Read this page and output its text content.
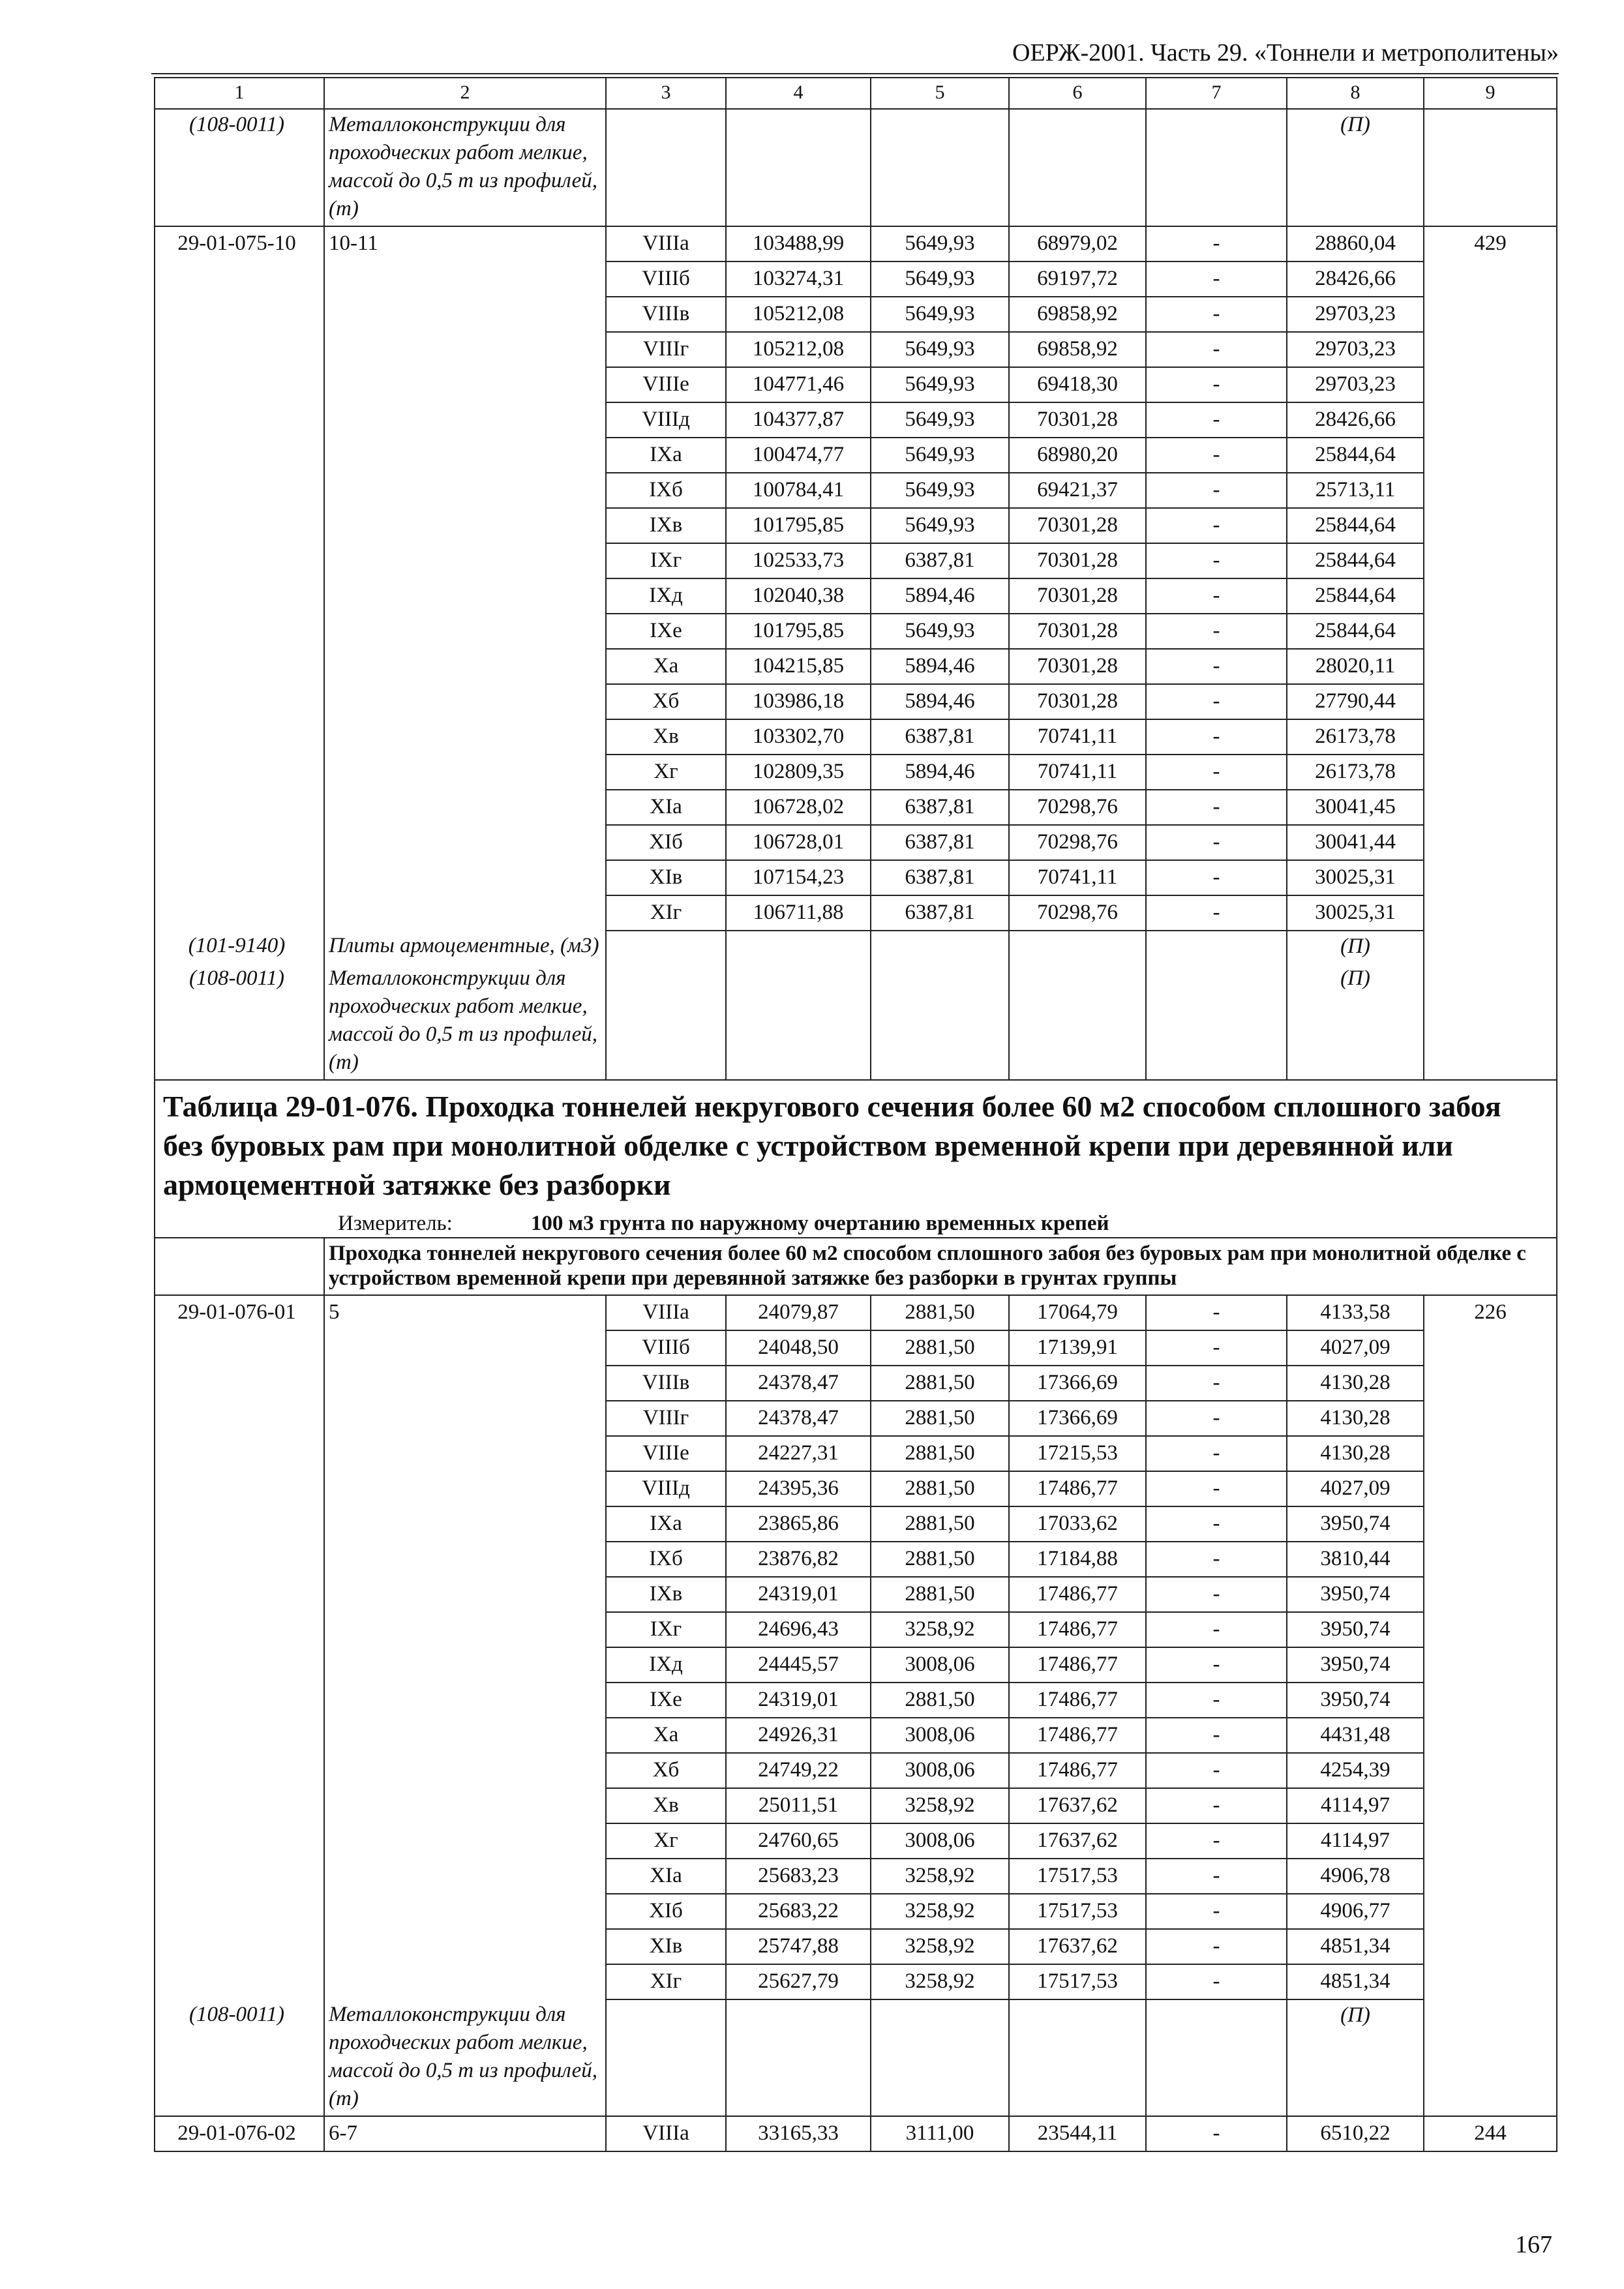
ОЕРЖ-2001. Часть 29. «Тоннели и метрополитены»
1	2	3	4	5	6	7	8	9
(108-0011)	Металлоконструкции для проходческих работ мелкие, массой до 0,5 т из профилей, (т)						(П)	
29-01-075-10	10-11	VIIIа	103488,99	5649,93	68979,02	-	28860,04	429
		VIIIб	103274,31	5649,93	69197,72	-	28426,66	
		VIIIв	105212,08	5649,93	69858,92	-	29703,23	
		VIIIг	105212,08	5649,93	69858,92	-	29703,23	
		VIIIе	104771,46	5649,93	69418,30	-	29703,23	
		VIIIд	104377,87	5649,93	70301,28	-	28426,66	
		IXа	100474,77	5649,93	68980,20	-	25844,64	
		IXб	100784,41	5649,93	69421,37	-	25713,11	
		IXв	101795,85	5649,93	70301,28	-	25844,64	
		IXг	102533,73	6387,81	70301,28	-	25844,64	
		IXд	102040,38	5894,46	70301,28	-	25844,64	
		IXе	101795,85	5649,93	70301,28	-	25844,64	
		Xа	104215,85	5894,46	70301,28	-	28020,11	
		Xб	103986,18	5894,46	70301,28	-	27790,44	
		Xв	103302,70	6387,81	70741,11	-	26173,78	
		Xг	102809,35	5894,46	70741,11	-	26173,78	
		XIа	106728,02	6387,81	70298,76	-	30041,45	
		XIб	106728,01	6387,81	70298,76	-	30041,44	
		XIв	107154,23	6387,81	70741,11	-	30025,31	
		XIг	106711,88	6387,81	70298,76	-	30025,31	
(101-9140)	Плиты армоцементные, (м3)						(П)	
(108-0011)	Металлоконструкции для проходческих работ мелкие, массой до 0,5 т из профилей, (т)						(П)	
Таблица 29-01-076. Проходка тоннелей некругового сечения более 60 м2 способом сплошного забоя без буровых рам при монолитной обделке с устройством временной крепи при деревянной или армоцементной затяжке без разборки								
Измеритель: 100 м3 грунта по наружному очертанию временных крепей								
	Проходка тоннелей некругового сечения более 60 м2 способом сплошного забоя без буровых рам при монолитной обделке с устройством временной крепи при деревянной затяжке без разборки в грунтах группы							
29-01-076-01	5	VIIIа	24079,87	2881,50	17064,79	-	4133,58	226
		VIIIб	24048,50	2881,50	17139,91	-	4027,09	
		VIIIв	24378,47	2881,50	17366,69	-	4130,28	
		VIIIг	24378,47	2881,50	17366,69	-	4130,28	
		VIIIе	24227,31	2881,50	17215,53	-	4130,28	
		VIIIд	24395,36	2881,50	17486,77	-	4027,09	
		IXа	23865,86	2881,50	17033,62	-	3950,74	
		IXб	23876,82	2881,50	17184,88	-	3810,44	
		IXв	24319,01	2881,50	17486,77	-	3950,74	
		IXг	24696,43	3258,92	17486,77	-	3950,74	
		IXд	24445,57	3008,06	17486,77	-	3950,74	
		IXе	24319,01	2881,50	17486,77	-	3950,74	
		Xа	24926,31	3008,06	17486,77	-	4431,48	
		Xб	24749,22	3008,06	17486,77	-	4254,39	
		Xв	25011,51	3258,92	17637,62	-	4114,97	
		Xг	24760,65	3008,06	17637,62	-	4114,97	
		XIа	25683,23	3258,92	17517,53	-	4906,78	
		XIб	25683,22	3258,92	17517,53	-	4906,77	
		XIв	25747,88	3258,92	17637,62	-	4851,34	
		XIг	25627,79	3258,92	17517,53	-	4851,34	
(108-0011)	Металлоконструкции для проходческих работ мелкие, массой до 0,5 т из профилей, (т)						(П)	
29-01-076-02	6-7	VIIIа	33165,33	3111,00	23544,11	-	6510,22	244
167
